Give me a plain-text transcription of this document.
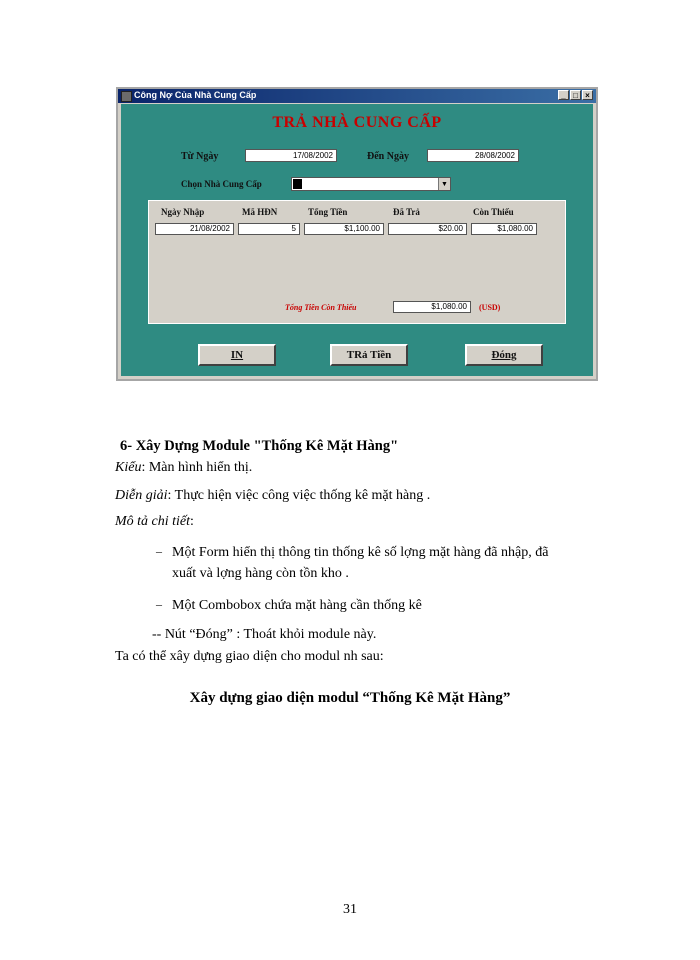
Công Nợ Của Nhà Cung Cấp	_ □ ×
TRẢ NHÀ CUNG CẤP
Từ Ngày	17/08/2002	Đến Ngày	28/08/2002
Chọn Nhà Cung Cấp	▼
Ngày Nhập	Mã HĐN	Tổng Tiền	Đã Trả	Còn Thiếu
21/08/2002	5	$1,100.00	$20.00	$1,080.00
Tổng Tiền Còn Thiếu	$1,080.00	(USD)
IN	TRả Tiền	Đóng
6- Xây Dựng Module "Thống Kê Mặt Hàng"
Kiểu: Màn hình hiển thị.
Diễn giải: Thực hiện việc công việc thống kê mặt hàng .
Mô tả chi tiết:
– Một Form hiển thị thông tin thống kê số lợng mặt hàng đã nhập, đã
xuất và lợng hàng còn tồn kho .
– Một Combobox chứa mặt hàng cần thống kê
-- Nút “Đóng” : Thoát khỏi module này.
Ta có thể xây dựng giao diện cho modul nh sau:
Xây dựng giao diện modul “Thống Kê Mặt Hàng”
31
